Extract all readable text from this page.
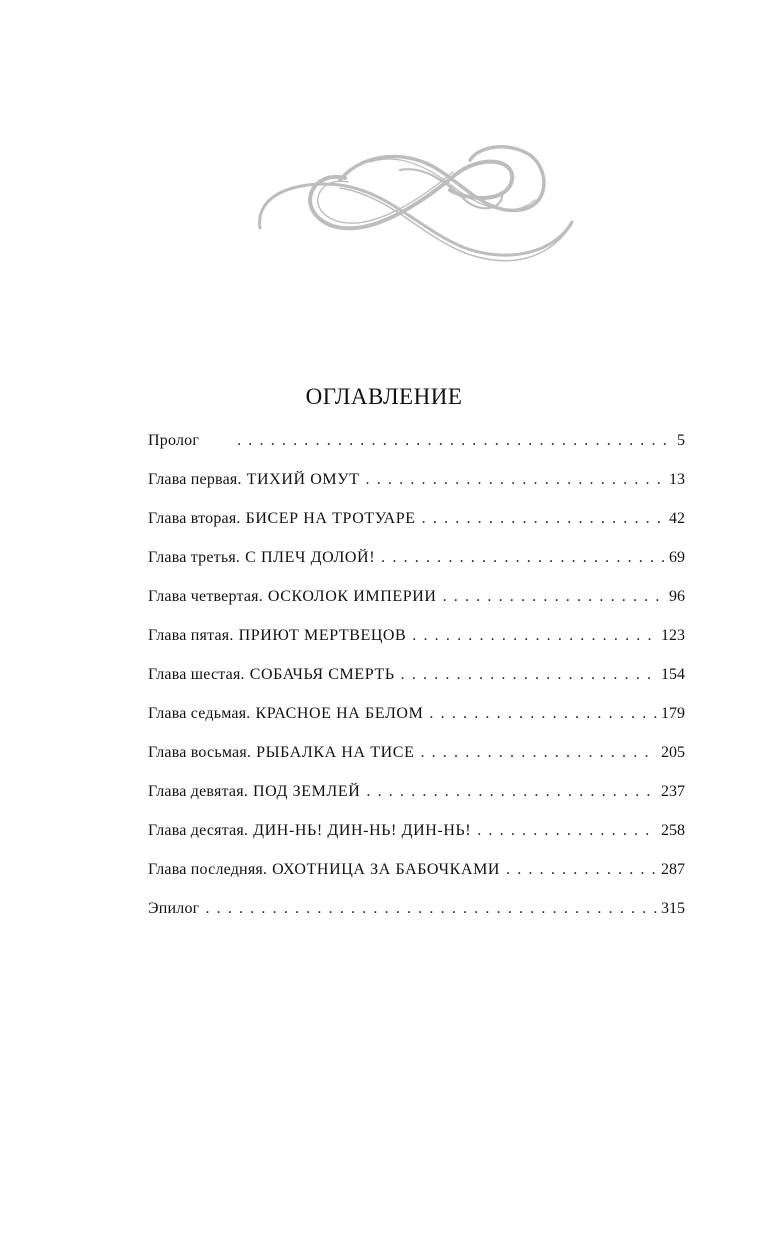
ОГЛАВЛЕНИЕ
Пролог . . .	5
Глава первая. ТИХИЙ ОМУТ . . .	13
Глава вторая. БИСЕР НА ТРОТУАРЕ . . .	42
Глава третья. С ПЛЕЧ ДОЛОЙ! . . .	69
Глава четвертая. ОСКОЛОК ИМПЕРИИ . . .	96
Глава пятая. ПРИЮТ МЕРТВЕЦОВ . . .	123
Глава шестая. СОБАЧЬЯ СМЕРТЬ . . .	154
Глава седьмая. КРАСНОЕ НА БЕЛОМ . . .	179
Глава восьмая. РЫБАЛКА НА ТИСЕ . . .	205
Глава девятая. ПОД ЗЕМЛЕЙ . . .	237
Глава десятая. ДИН-НЬ! ДИН-НЬ! ДИН-НЬ! . . .	258
Глава последняя. ОХОТНИЦА ЗА БАБОЧКАМИ . . .	287
Эпилог . . .	315
